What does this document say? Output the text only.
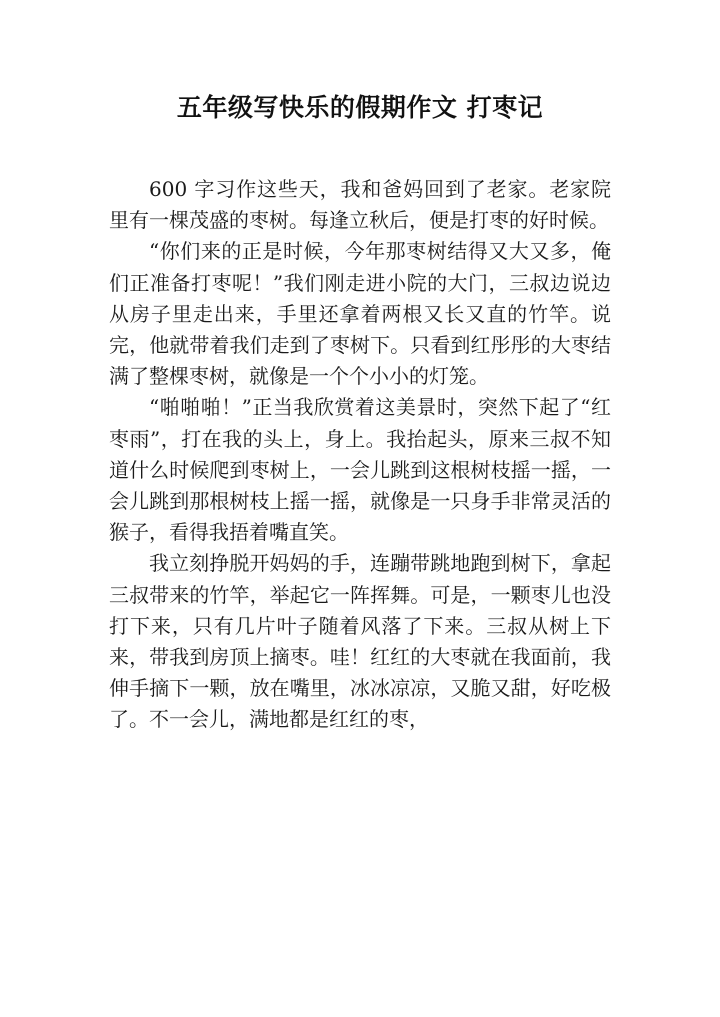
五年级写快乐的假期作文 打枣记

600 字习作这些天，我和爸妈回到了老家。老家院里有一棵茂盛的枣树。每逢立秋后，便是打枣的好时候。

“你们来的正是时候，今年那枣树结得又大又多，俺们正准备打枣呢！”我们刚走进小院的大门，三叔边说边从房子里走出来，手里还拿着两根又长又直的竹竿。说完，他就带着我们走到了枣树下。只看到红彤彤的大枣结满了整棵枣树，就像是一个个小小的灯笼。

“啪啪啪！”正当我欣赏着这美景时，突然下起了“红枣雨”，打在我的头上，身上。我抬起头，原来三叔不知道什么时候爬到枣树上，一会儿跳到这根树枝摇一摇，一会儿跳到那根树枝上摇一摇，就像是一只身手非常灵活的猴子，看得我捂着嘴直笑。

我立刻挣脱开妈妈的手，连蹦带跳地跑到树下，拿起三叔带来的竹竿，举起它一阵挥舞。可是，一颗枣儿也没打下来，只有几片叶子随着风落了下来。三叔从树上下来，带我到房顶上摘枣。哇！红红的大枣就在我面前，我伸手摘下一颗，放在嘴里，冰冰凉凉，又脆又甜，好吃极了。不一会儿，满地都是红红的枣，
